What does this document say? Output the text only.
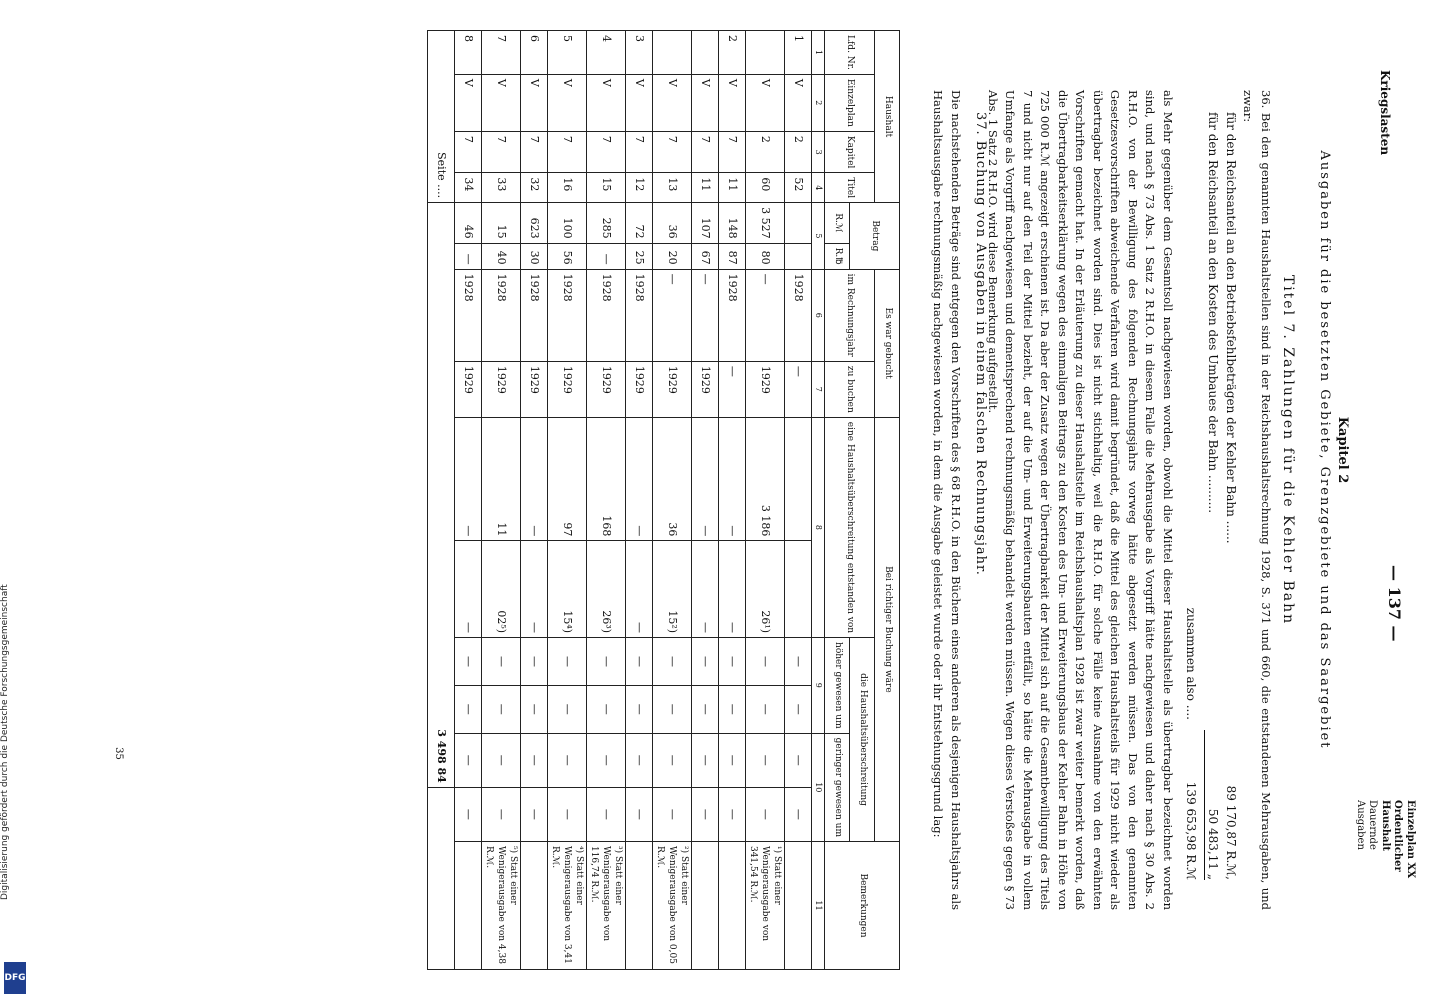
— 137 —
Kriegslasten
Einzelplan XX
Ordentlicher
Haushalt
Dauernde
Ausgaben
Kapitel 2
Ausgaben für die besetzten Gebiete, Grenzgebiete und das Saargebiet
Titel 7. Zahlungen für die Kehler Bahn
36. Bei den genannten Haushaltstellen sind in der Reichshaushaltsrechnung 1928, S. 371 und 660, die entstandenen Mehrausgaben, und zwar:
für den Reichsanteil an den Betriebsfehlbeträgen der Kehler Bahn ......
89 170,87 R.ℳ,
für den Reichsanteil an den Kosten des Umbaues der Bahn ..........
50 483,11 „
zusammen also ....
139 653,98 R.ℳ
als Mehr gegenüber dem Gesamtsoll nachgewiesen worden, obwohl die Mittel dieser Haushaltstelle als übertragbar bezeichnet worden sind, und nach § 73 Abs. 1 Satz 2 R.H.O. in diesem Falle die Mehrausgabe als Vorgriff hätte nachgewiesen und daher nach § 30 Abs. 2 R.H.O. von der Bewilligung des folgenden Rechnungsjahrs vorweg hätte abgesetzt werden müssen. Das von den genannten Gesetzesvorschriften abweichende Verfahren wird damit begründet, daß die Mittel des gleichen Haushaltsteils für 1929 nicht wieder als übertragbar bezeichnet worden sind. Dies ist nicht stichhaltig, weil die R.H.O. für solche Fälle keine Ausnahme von den erwähnten Vorschriften gemacht hat. In der Erläuterung zu dieser Haushaltstelle im Reichshaushaltsplan 1928 ist zwar weiter bemerkt worden, daß die Übertragbarkeitserklärung wegen des einmaligen Beitrags zu den Kosten des Um- und Erweiterungsbaus der Kehler Bahn in Höhe von 725 000 R.ℳ angezeigt erschienen ist. Da aber der Zusatz wegen der Übertragbarkeit der Mittel sich auf die Gesamtbewilligung des Titels 7 und nicht nur auf den Teil der Mittel bezieht, der auf die Um- und Erweiterungsbauten entfällt, so hätte die Mehrausgabe in vollem Umfange als Vorgriff nachgewiesen und dementsprechend rechnungsmäßig behandelt werden müssen. Wegen dieses Verstoßes gegen § 73 Abs. 1 Satz 2 R.H.O. wird diese Bemerkung aufgestellt.
37. Buchung von Ausgaben in einem falschen Rechnungsjahr.
Die nachstehenden Beträge sind entgegen den Vorschriften des § 68 R.H.O. in den Büchern eines anderen als desjenigen Haushaltsjahrs als Haushaltsausgabe rechnungsmäßig nachgewiesen worden, in dem die Ausgabe geleistet wurde oder ihr Entstehungsgrund lag:
Haushalt				Betrag		Es war gebucht		Bei richtiger Buchung wäre						Bemerkungen
Lfd. Nr.	Einzelplan	Kapitel	Titel			im Rechnungsjahr	zu buchen	eine Haushaltsüberschreitung entstanden von		die Haushaltsüberschreitung				
				R.ℳ	R.℔					höher gewesen um		geringer gewesen um		
1	2	3	4	5		6	7	8		9		10		11
1	V	2	52			1928	—			—	—	—	—	
	V	2	60	3 527	80	—	1929	3 186	26¹)	—	—	—	—	¹) Statt einer Wenigerausgabe von 341,54 R.ℳ.
2	V	7	11	148	87	1928	—	—	—	—	—	—	—	
	V	7	11	107	67	—	1929	—	—	—	—	—	—	
	V	7	13	36	20	—	1929	36	15²)	—	—	—	—	²) Statt einer Wenigerausgabe von 0,05 R.ℳ.
3	V	7	12	72	25	1928	1929	—	—	—	—	—	—	
4	V	7	15	285	—	1928	1929	168	26³)	—	—	—	—	³) Statt einer Wenigerausgabe von 116,74 R.ℳ.
5	V	7	16	100	56	1928	1929	97	15⁴)	—	—	—	—	⁴) Statt einer Wenigerausgabe von 3,41 R.ℳ.
6	V	7	32	623	30	1928	1929	—	—	—	—	—	—	
7	V	7	33	15	40	1928	1929	11	02⁵)	—	—	—	—	⁵) Statt einer Wenigerausgabe von 4,38 R.ℳ.
8	V	7	34	46	—	1928	1929	—	—	—	—	—	—	
Seite ....				3 498 84										
Digitalisierung gefördert durch die Deutsche Forschungsgemeinschaft	35
DFG
